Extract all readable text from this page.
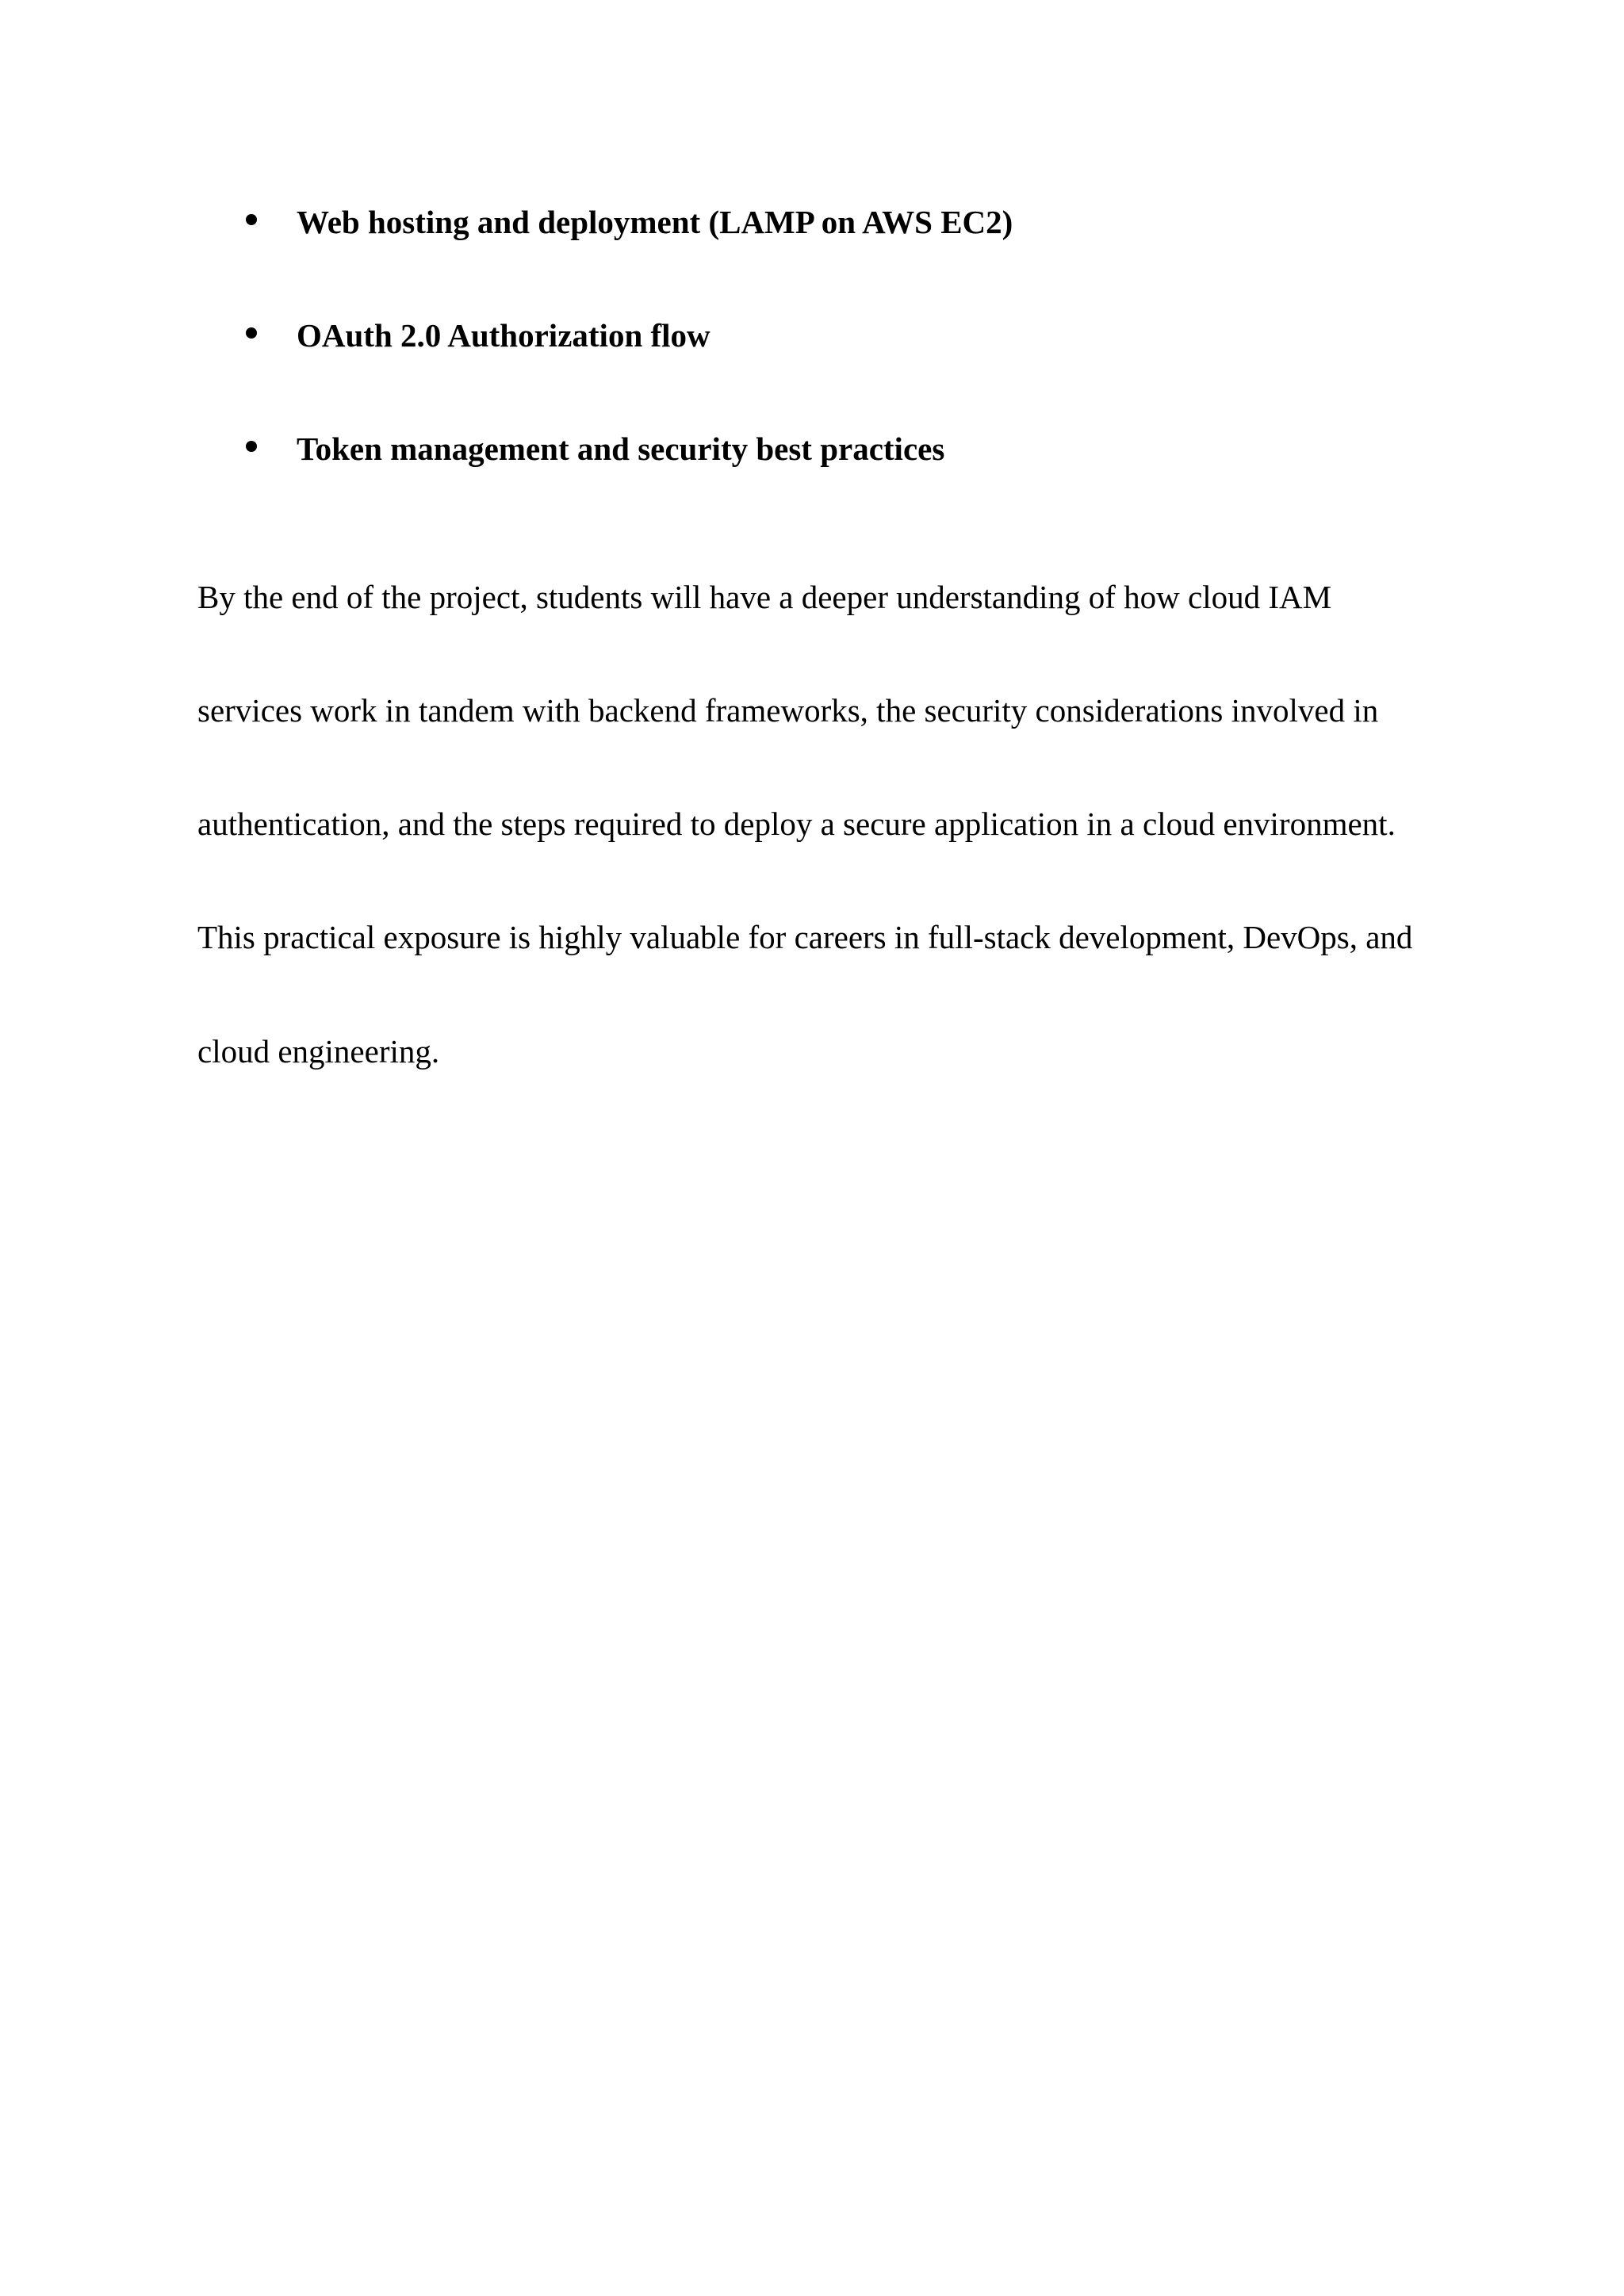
Web hosting and deployment (LAMP on AWS EC2)
OAuth 2.0 Authorization flow
Token management and security best practices
By the end of the project, students will have a deeper understanding of how cloud IAM
services work in tandem with backend frameworks, the security considerations involved in
authentication, and the steps required to deploy a secure application in a cloud environment.
This practical exposure is highly valuable for careers in full-stack development, DevOps, and
cloud engineering.
